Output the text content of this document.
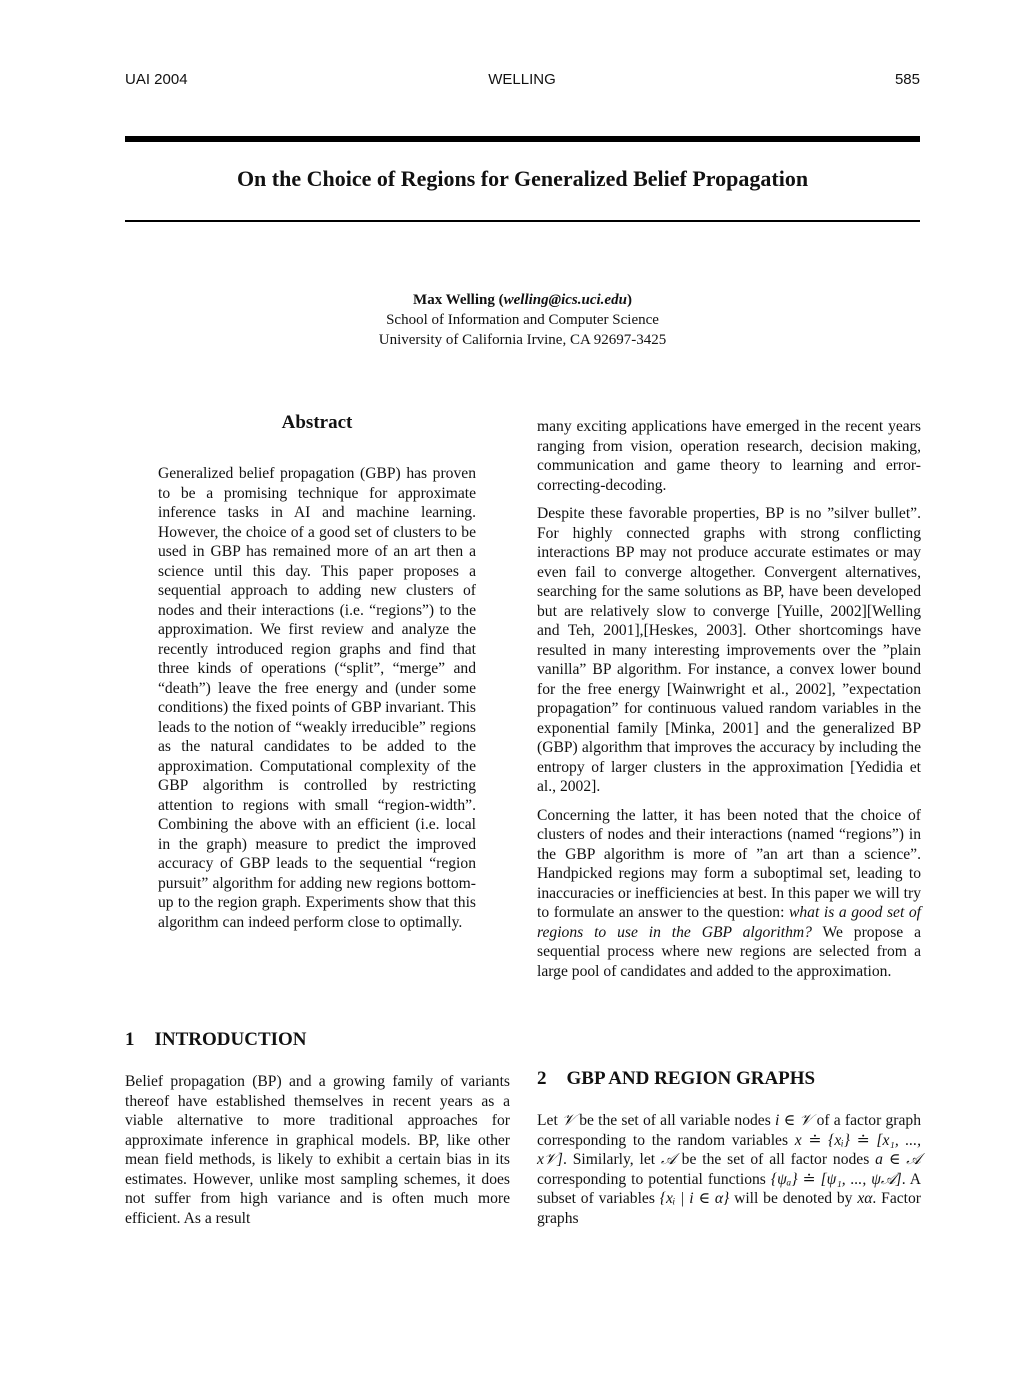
UAI 2004	WELLING	585
On the Choice of Regions for Generalized Belief Propagation
Max Welling (welling@ics.uci.edu)
School of Information and Computer Science
University of California Irvine, CA 92697-3425
Abstract

Generalized belief propagation (GBP) has proven to be a promising technique for approximate inference tasks in AI and machine learning. However, the choice of a good set of clusters to be used in GBP has remained more of an art then a science until this day. This paper proposes a sequential approach to adding new clusters of nodes and their interactions (i.e. “regions”) to the approximation. We first review and analyze the recently introduced region graphs and find that three kinds of operations (“split”, “merge” and “death”) leave the free energy and (under some conditions) the fixed points of GBP invariant. This leads to the notion of “weakly irreducible” regions as the natural candidates to be added to the approximation. Computational complexity of the GBP algorithm is controlled by restricting attention to regions with small “region-width”. Combining the above with an efficient (i.e. local in the graph) measure to predict the improved accuracy of GBP leads to the sequential “region pursuit” algorithm for adding new regions bottom-up to the region graph. Experiments show that this algorithm can indeed perform close to optimally.

1 INTRODUCTION

Belief propagation (BP) and a growing family of variants thereof have established themselves in recent years as a viable alternative to more traditional approaches for approximate inference in graphical models. BP, like other mean field methods, is likely to exhibit a certain bias in its estimates. However, unlike most sampling schemes, it does not suffer from high variance and is often much more efficient. As a result

many exciting applications have emerged in the recent years ranging from vision, operation research, decision making, communication and game theory to learning and error-correcting-decoding.

Despite these favorable properties, BP is no ”silver bullet”. For highly connected graphs with strong conflicting interactions BP may not produce accurate estimates or may even fail to converge altogether. Convergent alternatives, searching for the same solutions as BP, have been developed but are relatively slow to converge [Yuille, 2002][Welling and Teh, 2001],[Heskes, 2003]. Other shortcomings have resulted in many interesting improvements over the ”plain vanilla” BP algorithm. For instance, a convex lower bound for the free energy [Wainwright et al., 2002], ”expectation propagation” for continuous valued random variables in the exponential family [Minka, 2001] and the generalized BP (GBP) algorithm that improves the accuracy by including the entropy of larger clusters in the approximation [Yedidia et al., 2002].

Concerning the latter, it has been noted that the choice of clusters of nodes and their interactions (named “regions”) in the GBP algorithm is more of ”an art than a science”. Handpicked regions may form a suboptimal set, leading to inaccuracies or inefficiencies at best. In this paper we will try to formulate an answer to the question: what is a good set of regions to use in the GBP algorithm? We propose a sequential process where new regions are selected from a large pool of candidates and added to the approximation.

2 GBP AND REGION GRAPHS

Let 𝒱 be the set of all variable nodes i ∈ 𝒱 of a factor graph corresponding to the random variables x ≐ {xᵢ} ≐ [x₁, ..., x𝒱]. Similarly, let 𝒜 be the set of all factor nodes a ∈ 𝒜 corresponding to potential functions {ψₐ} ≐ [ψ₁, ..., ψ𝒜]. A subset of variables {xᵢ | i ∈ α} will be denoted by xα. Factor graphs
